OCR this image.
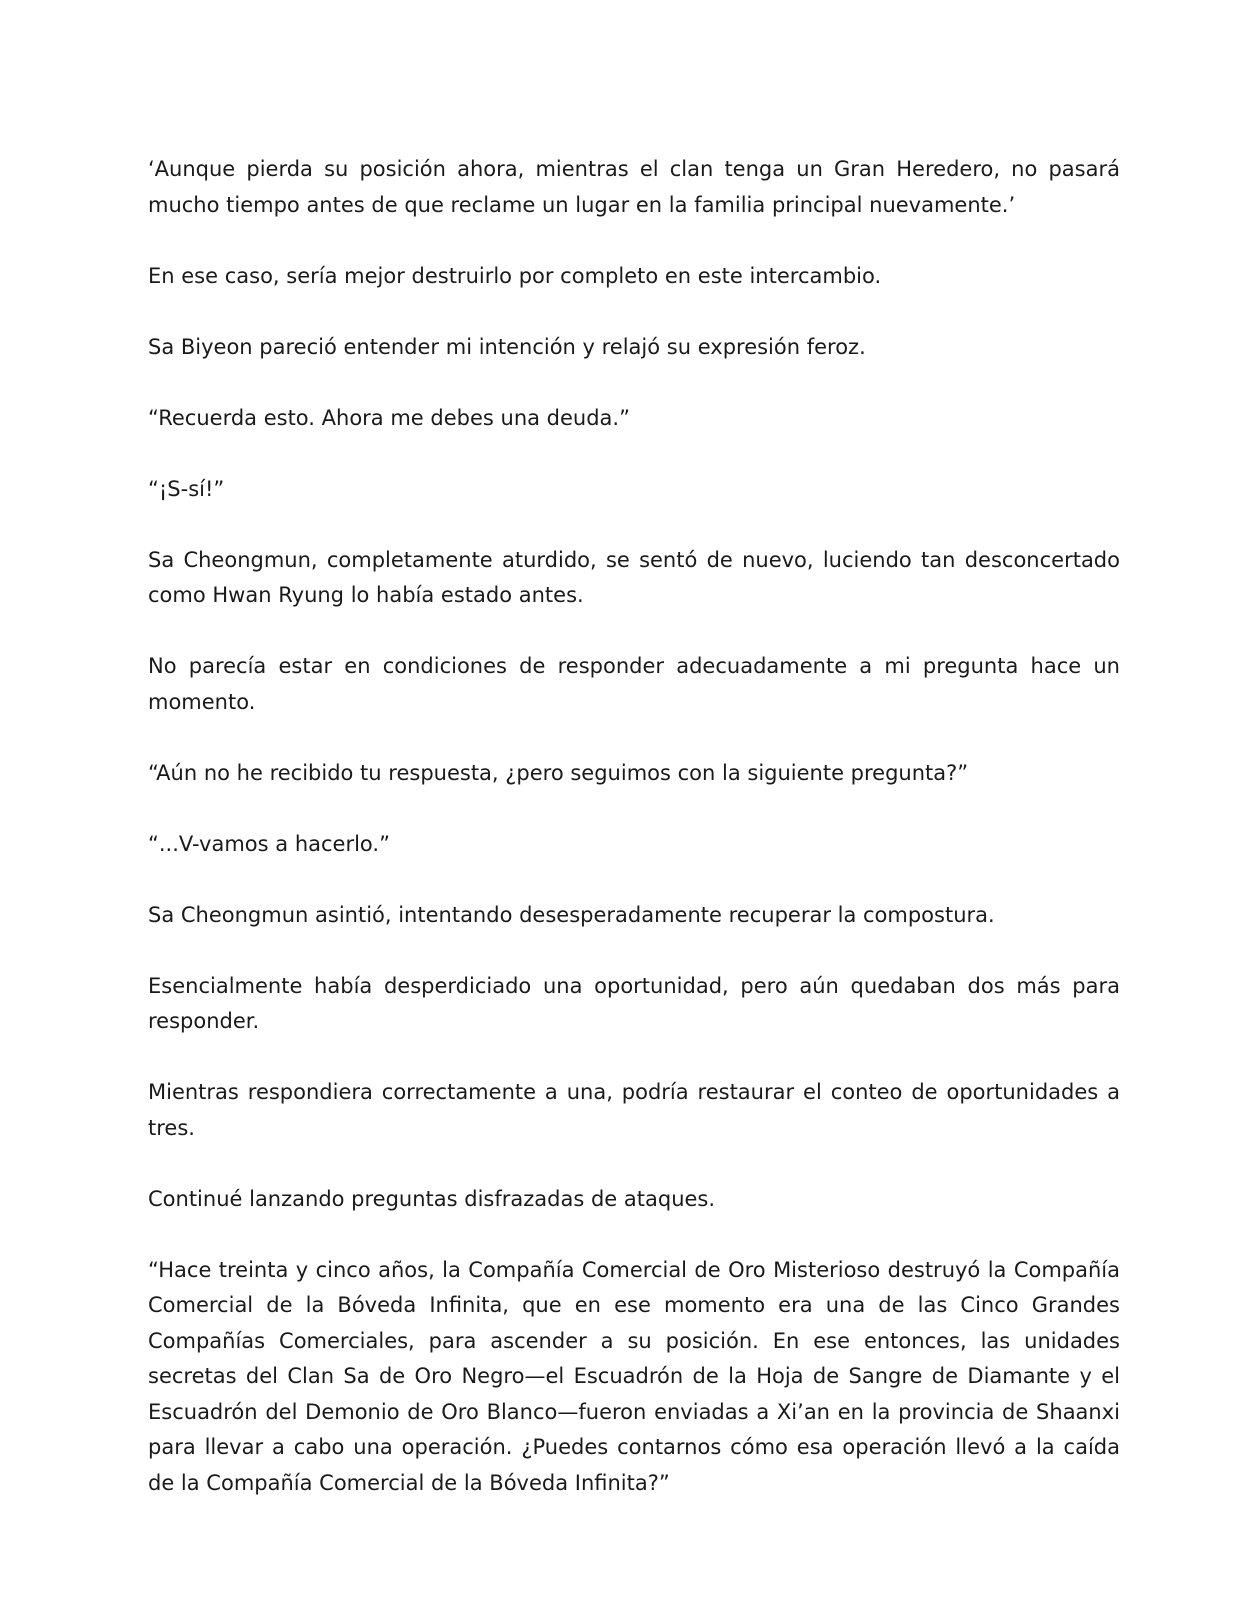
‘Aunque pierda su posición ahora, mientras el clan tenga un Gran Heredero, no pasará mucho tiempo antes de que reclame un lugar en la familia principal nuevamente.’

En ese caso, sería mejor destruirlo por completo en este intercambio.

Sa Biyeon pareció entender mi intención y relajó su expresión feroz.

“Recuerda esto. Ahora me debes una deuda.”

“¡S-sí!”

Sa Cheongmun, completamente aturdido, se sentó de nuevo, luciendo tan desconcertado como Hwan Ryung lo había estado antes.

No parecía estar en condiciones de responder adecuadamente a mi pregunta hace un momento.

“Aún no he recibido tu respuesta, ¿pero seguimos con la siguiente pregunta?”

“...V-vamos a hacerlo.”

Sa Cheongmun asintió, intentando desesperadamente recuperar la compostura.

Esencialmente había desperdiciado una oportunidad, pero aún quedaban dos más para responder.

Mientras respondiera correctamente a una, podría restaurar el conteo de oportunidades a tres.

Continué lanzando preguntas disfrazadas de ataques.

“Hace treinta y cinco años, la Compañía Comercial de Oro Misterioso destruyó la Compañía Comercial de la Bóveda Infinita, que en ese momento era una de las Cinco Grandes Compañías Comerciales, para ascender a su posición. En ese entonces, las unidades secretas del Clan Sa de Oro Negro—el Escuadrón de la Hoja de Sangre de Diamante y el Escuadrón del Demonio de Oro Blanco—fueron enviadas a Xi’an en la provincia de Shaanxi para llevar a cabo una operación. ¿Puedes contarnos cómo esa operación llevó a la caída de la Compañía Comercial de la Bóveda Infinita?”
